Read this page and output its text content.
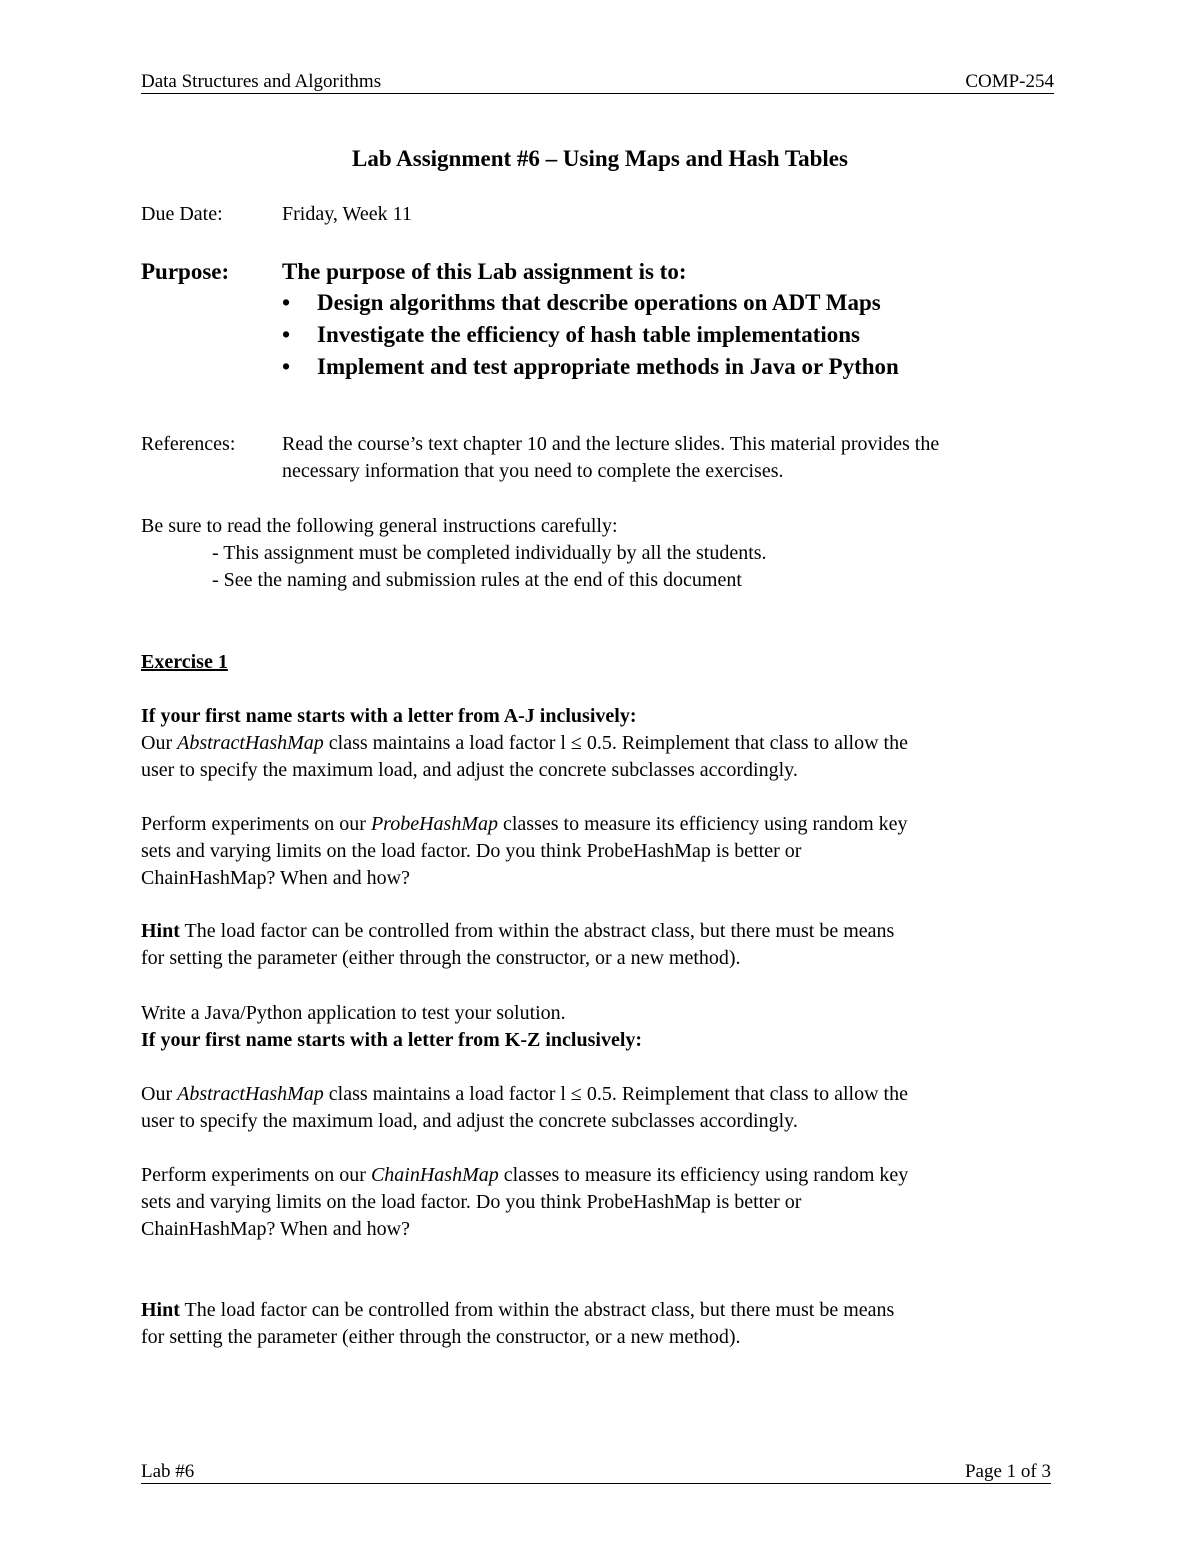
Data Structures and Algorithms	COMP-254
Lab Assignment #6 – Using Maps and Hash Tables
Due Date:	Friday, Week 11
Purpose: The purpose of this Lab assignment is to:
• Design algorithms that describe operations on ADT Maps
• Investigate the efficiency of hash table implementations
• Implement and test appropriate methods in Java or Python
References: Read the course’s text chapter 10 and the lecture slides. This material provides the
necessary information that you need to complete the exercises.
Be sure to read the following general instructions carefully:
- This assignment must be completed individually by all the students.
- See the naming and submission rules at the end of this document
Exercise 1
If your first name starts with a letter from A-J inclusively:
Our AbstractHashMap class maintains a load factor l ≤ 0.5. Reimplement that class to allow the
user to specify the maximum load, and adjust the concrete subclasses accordingly.
Perform experiments on our ProbeHashMap classes to measure its efficiency using random key
sets and varying limits on the load factor. Do you think ProbeHashMap is better or
ChainHashMap? When and how?
Hint The load factor can be controlled from within the abstract class, but there must be means
for setting the parameter (either through the constructor, or a new method).
Write a Java/Python application to test your solution.
If your first name starts with a letter from K-Z inclusively:
Our AbstractHashMap class maintains a load factor l ≤ 0.5. Reimplement that class to allow the
user to specify the maximum load, and adjust the concrete subclasses accordingly.
Perform experiments on our ChainHashMap classes to measure its efficiency using random key
sets and varying limits on the load factor. Do you think ProbeHashMap is better or
ChainHashMap? When and how?
Hint The load factor can be controlled from within the abstract class, but there must be means
for setting the parameter (either through the constructor, or a new method).
Lab #6	Page 1 of 3
